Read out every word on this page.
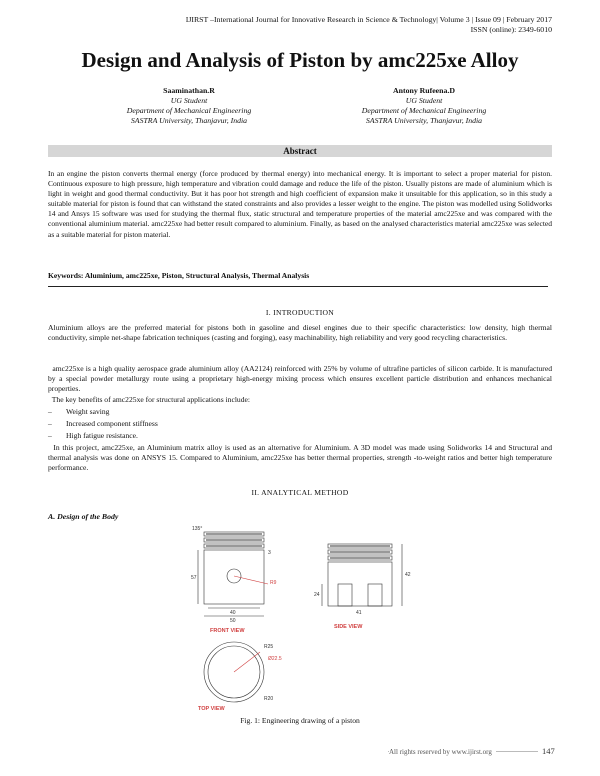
IJIRST –International Journal for Innovative Research in Science & Technology| Volume 3 | Issue 09 | February 2017
ISSN (online): 2349-6010
Design and Analysis of Piston by amc225xe Alloy
Saaminathan.R
UG Student
Department of Mechanical Engineering
SASTRA University, Thanjavur, India
Antony Rufeena.D
UG Student
Department of Mechanical Engineering
SASTRA University, Thanjavur, India
Abstract
In an engine the piston converts thermal energy (force produced by thermal energy) into mechanical energy. It is important to select a proper material for piston. Continuous exposure to high pressure, high temperature and vibration could damage and reduce the life of the piston. Usually pistons are made of aluminium which is light in weight and good thermal conductivity. But it has poor hot strength and high coefficient of expansion make it unsuitable for this application, so in this study a suitable material for piston is found that can withstand the stated constraints and also provides a lesser weight to the engine. The piston was modelled using Solidworks 14 and Ansys 15 software was used for studying the thermal flux, static structural and temperature properties of the material amc225xe and was compared with the conventional aluminium material. amc225xe had better result compared to aluminium. Finally, as based on the analysed characteristics material amc225xe was selected as a suitable material for piston material.
Keywords: Aluminium, amc225xe, Piston, Structural Analysis, Thermal Analysis
I. INTRODUCTION
Aluminium alloys are the preferred material for pistons both in gasoline and diesel engines due to their specific characteristics: low density, high thermal conductivity, simple net-shape fabrication techniques (casting and forging), easy machinability, high reliability and very good recycling characteristics.
amc225xe is a high quality aerospace grade aluminium alloy (AA2124) reinforced with 25% by volume of ultrafine particles of silicon carbide. It is manufactured by a special powder metallurgy route using a proprietary high-energy mixing process which ensures excellent particle distribution and enhances mechanical properties.
The key benefits of amc225xe for structural applications include:
– Weight saving
– Increased component stiffness
– High fatigue resistance.
In this project, amc225xe, an Aluminium matrix alloy is used as an alternative for Aluminium. A 3D model was made using Solidworks 14 and Structural and thermal analysis was done on ANSYS 15. Compared to Aluminium, amc225xe has better thermal properties, strength -to-weight ratios and better high temperature performance.
II. ANALYTICAL METHOD
A. Design of the Body
135°
3
R9
57
40
50
FRONT VIEW
42
24
41
SIDE VIEW
R25
Ø22.5
R20
TOP VIEW
Fig. 1: Engineering drawing of a piston
All rights reserved by www.ijirst.org	147
